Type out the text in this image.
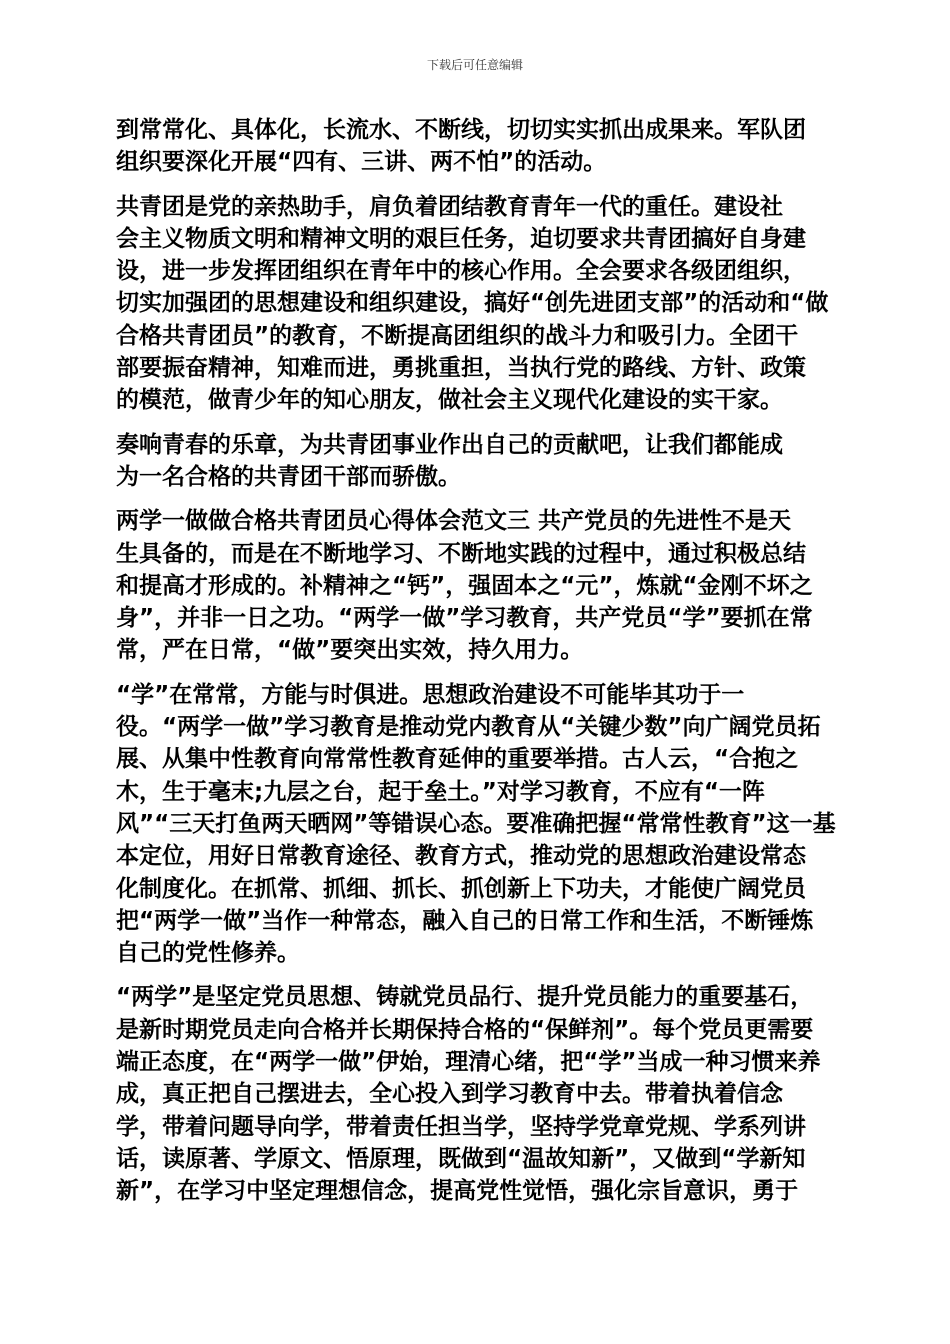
下载后可任意编辑

到常常化、具体化，长流水、不断线，切切实实抓出成果来。军队团
组织要深化开展“四有、三讲、两不怕”的活动。

共青团是党的亲热助手，肩负着团结教育青年一代的重任。建设社
会主义物质文明和精神文明的艰巨任务，迫切要求共青团搞好自身建
设，进一步发挥团组织在青年中的核心作用。全会要求各级团组织，
切实加强团的思想建设和组织建设，搞好“创先进团支部”的活动和“做
合格共青团员”的教育，不断提高团组织的战斗力和吸引力。全团干
部要振奋精神，知难而进，勇挑重担，当执行党的路线、方针、政策
的模范，做青少年的知心朋友，做社会主义现代化建设的实干家。

奏响青春的乐章，为共青团事业作出自己的贡献吧，让我们都能成
为一名合格的共青团干部而骄傲。

两学一做做合格共青团员心得体会范文三 共产党员的先进性不是天
生具备的，而是在不断地学习、不断地实践的过程中，通过积极总结
和提高才形成的。补精神之“钙”，强固本之“元”，炼就“金刚不坏之
身”，并非一日之功。“两学一做”学习教育，共产党员“学”要抓在常
常，严在日常，“做”要突出实效，持久用力。

“学”在常常，方能与时俱进。思想政治建设不可能毕其功于一
役。“两学一做”学习教育是推动党内教育从“关键少数”向广阔党员拓
展、从集中性教育向常常性教育延伸的重要举措。古人云，“合抱之
木，生于毫末;九层之台，起于垒土。”对学习教育，不应有“一阵
风”“三天打鱼两天晒网”等错误心态。要准确把握“常常性教育”这一基
本定位，用好日常教育途径、教育方式，推动党的思想政治建设常态
化制度化。在抓常、抓细、抓长、抓创新上下功夫，才能使广阔党员
把“两学一做”当作一种常态，融入自己的日常工作和生活，不断锤炼
自己的党性修养。

“两学”是坚定党员思想、铸就党员品行、提升党员能力的重要基石，
是新时期党员走向合格并长期保持合格的“保鲜剂”。每个党员更需要
端正态度，在“两学一做”伊始，理清心绪，把“学”当成一种习惯来养
成，真正把自己摆进去，全心投入到学习教育中去。带着执着信念
学，带着问题导向学，带着责任担当学，坚持学党章党规、学系列讲
话，读原著、学原文、悟原理，既做到“温故知新”，又做到“学新知
新”，在学习中坚定理想信念，提高党性觉悟，强化宗旨意识，勇于
